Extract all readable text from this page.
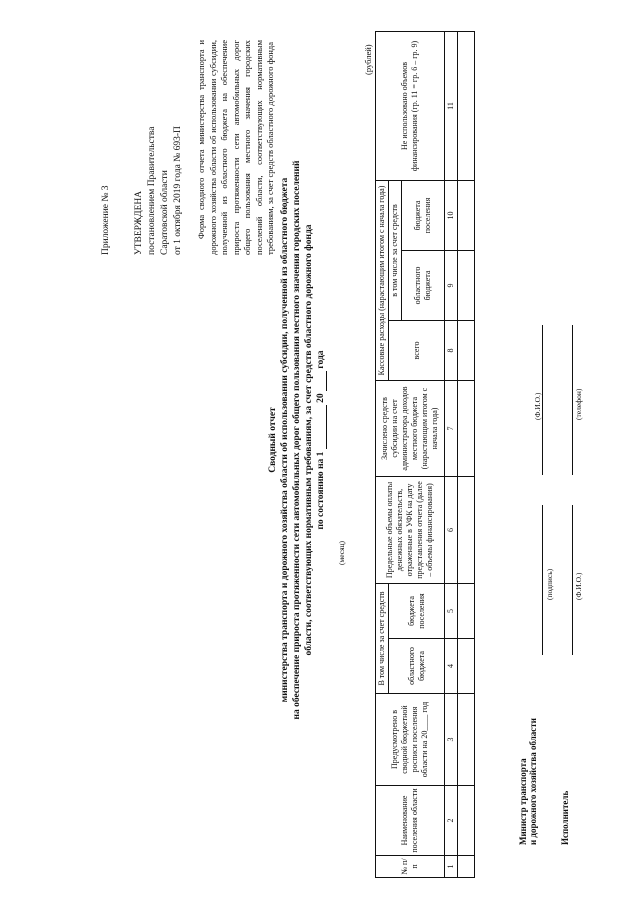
Приложение № 3 УТВЕРЖДЕНА постановлением Правительства Саратовской области от 1 октября 2019 года № 693-П Форма сводного отчета министерства транспорта и дорожного хозяйства области об использовании субсидии, полученной из областного бюджета на обеспечение прироста протяженности сети автомобильных дорог общего пользования местного значения городских поселений области, соответствующих нормативным требованиям, за счет средств областного дорожного фонда
Сводный отчет министерства транспорта и дорожного хозяйства области об использовании субсидии, полученной из областного бюджета на обеспечение прироста протяженности сети автомобильных дорог общего пользования местного значения городских поселений области, соответствующих нормативным требованиям, за счет средств областного дорожного фонда по состоянию на 1  20  года
(месяц)
(рублей)
№ п/п	Наименование поселения области	Предусмотрено в сводной бюджетной росписи поселения области на 20____ год	В том числе за счет средств		Предельные объемы оплаты денежных обязательств, отраженные в УФК на дату представления отчета (далее – объемы финансирования)	Зачислено средств субсидии на счет администратора доходов местного бюджета (нарастающим итогом с начала года)	Кассовые расходы (нарастающим итогом с начала года)			Не использовано объемов финансирования (гр. 11 = гр. 6 – гр. 9)
			областного бюджета	бюджета поселения			всего	в том числе за счет средств		
								областного бюджета	бюджета поселения	
1	2	3	4	5	6	7	8	9	10	11

Министр транспорта и дорожного хозяйства области
(подпись)
(Ф.И.О.)
Исполнитель
(Ф.И.О.)
(телефон)
